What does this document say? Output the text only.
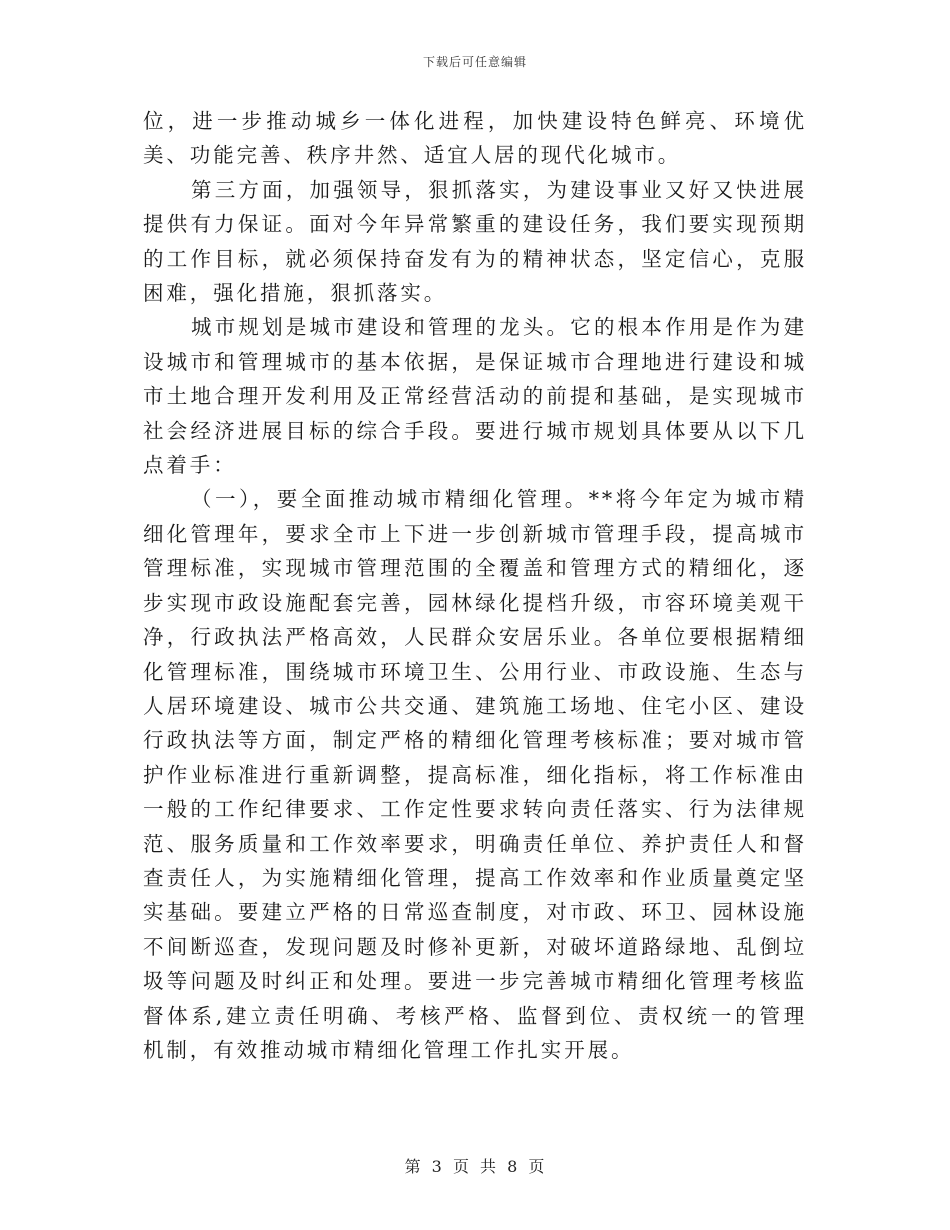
下载后可任意编辑

位，进一步推动城乡一体化进程，加快建设特色鲜亮、环境优美、功能完善、秩序井然、适宜人居的现代化城市。

第三方面，加强领导，狠抓落实，为建设事业又好又快进展提供有力保证。面对今年异常繁重的建设任务，我们要实现预期的工作目标，就必须保持奋发有为的精神状态，坚定信心，克服困难，强化措施，狠抓落实。

城市规划是城市建设和管理的龙头。它的根本作用是作为建设城市和管理城市的基本依据，是保证城市合理地进行建设和城市土地合理开发利用及正常经营活动的前提和基础，是实现城市社会经济进展目标的综合手段。要进行城市规划具体要从以下几点着手：

（一），要全面推动城市精细化管理。**将今年定为城市精细化管理年，要求全市上下进一步创新城市管理手段，提高城市管理标准，实现城市管理范围的全覆盖和管理方式的精细化，逐步实现市政设施配套完善，园林绿化提档升级，市容环境美观干净，行政执法严格高效，人民群众安居乐业。各单位要根据精细化管理标准，围绕城市环境卫生、公用行业、市政设施、生态与人居环境建设、城市公共交通、建筑施工场地、住宅小区、建设行政执法等方面，制定严格的精细化管理考核标准；要对城市管护作业标准进行重新调整，提高标准，细化指标，将工作标准由一般的工作纪律要求、工作定性要求转向责任落实、行为法律规范、服务质量和工作效率要求，明确责任单位、养护责任人和督查责任人，为实施精细化管理，提高工作效率和作业质量奠定坚实基础。要建立严格的日常巡查制度，对市政、环卫、园林设施不间断巡查，发现问题及时修补更新，对破坏道路绿地、乱倒垃圾等问题及时纠正和处理。要进一步完善城市精细化管理考核监督体系,建立责任明确、考核严格、监督到位、责权统一的管理机制，有效推动城市精细化管理工作扎实开展。

第 3 页 共 8 页
